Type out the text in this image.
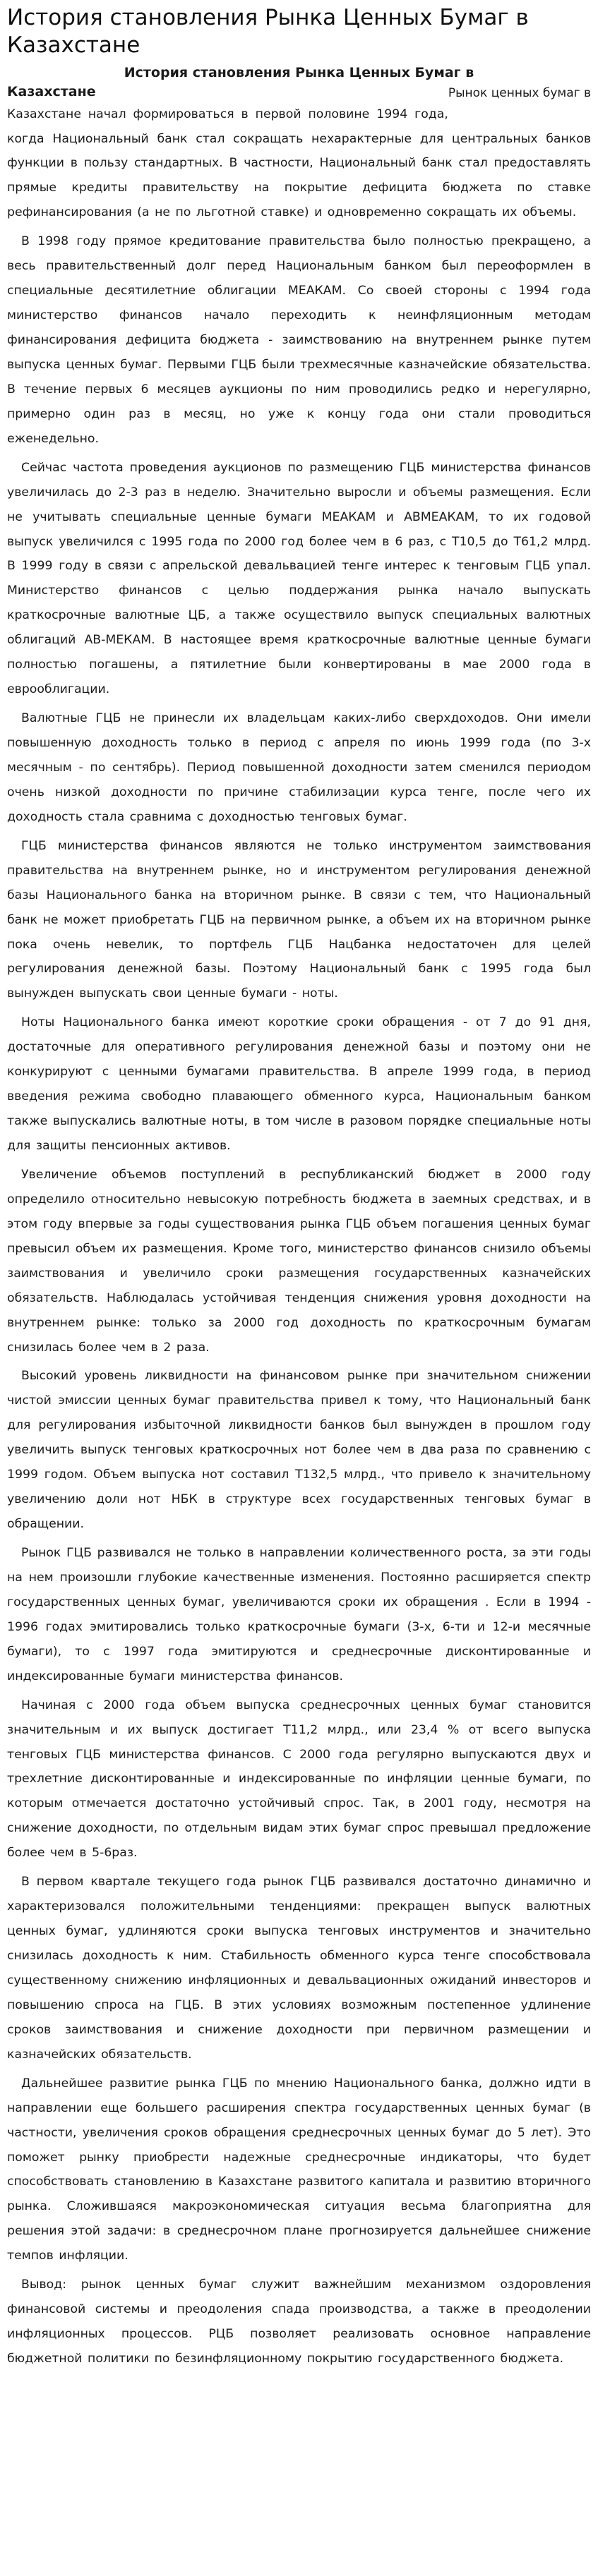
История становления Рынка Ценных Бумаг в Казахстане
История становления Рынка Ценных Бумаг в
Рынок ценных бумаг в
Казахстане

Казахстане начал формироваться в первой половине 1994 года, когда Национальный банк стал сокращать нехарактерные для центральных банков функции в пользу стандартных. В частности, Национальный банк стал предоставлять прямые кредиты правительству на покрытие дефицита бюджета по ставке рефинансирования (а не по льготной ставке) и одновременно сокращать их объемы.

В 1998 году прямое кредитование правительства было полностью прекращено, а весь правительственный долг перед Национальным банком был переоформлен в специальные десятилетние облигации МЕАКАМ. Со своей стороны с 1994 года министерство финансов начало переходить к неинфляционным методам финансирования дефицита бюджета - заимствованию на внутреннем рынке путем выпуска ценных бумаг. Первыми ГЦБ были трехмесячные казначейские обязательства. В течение первых 6 месяцев аукционы по ним проводились редко и нерегулярно, примерно один раз в месяц, но уже к концу года они стали проводиться еженедельно.

Сейчас частота проведения аукционов по размещению ГЦБ министерства финансов увеличилась до 2-3 раз в неделю. Значительно выросли и объемы размещения. Если не учитывать специальные ценные бумаги МЕАКАМ и АВМЕАКАМ, то их годовой выпуск увеличился с 1995 года по 2000 год более чем в 6 раз, с Т10,5 до Т61,2 млрд. В 1999 году в связи с апрельской девальвацией тенге интерес к тенговым ГЦБ упал. Министерство финансов с целью поддержания рынка начало выпускать краткосрочные валютные ЦБ, а также осуществило выпуск специальных валютных облигаций АВ-МЕКАМ. В настоящее время краткосрочные валютные ценные бумаги полностью погашены, а пятилетние были конвертированы в мае 2000 года в еврооблигации.

Валютные ГЦБ не принесли их владельцам каких-либо сверхдоходов. Они имели повышенную доходность только в период с апреля по июнь 1999 года (по 3-х месячным - по сентябрь). Период повышенной доходности затем сменился периодом очень низкой доходности по причине стабилизации курса тенге, после чего их доходность стала сравнима с доходностью тенговых бумаг.

ГЦБ министерства финансов являются не только инструментом заимствования правительства на внутреннем рынке, но и инструментом регулирования денежной базы Национального банка на вторичном рынке. В связи с тем, что Национальный банк не может приобретать ГЦБ на первичном рынке, а объем их на вторичном рынке пока очень невелик, то портфель ГЦБ Нацбанка недостаточен для целей регулирования денежной базы. Поэтому Национальный банк с 1995 года был вынужден выпускать свои ценные бумаги - ноты.

Ноты Национального банка имеют короткие сроки обращения - от 7 до 91 дня, достаточные для оперативного регулирования денежной базы и поэтому они не конкурируют с ценными бумагами правительства. В апреле 1999 года, в период введения режима свободно плавающего обменного курса, Национальным банком также выпускались валютные ноты, в том числе в разовом порядке специальные ноты для защиты пенсионных активов.

Увеличение объемов поступлений в республиканский бюджет в 2000 году определило относительно невысокую потребность бюджета в заемных средствах, и в этом году впервые за годы существования рынка ГЦБ объем погашения ценных бумаг превысил объем их размещения. Кроме того, министерство финансов снизило объемы заимствования и увеличило сроки размещения государственных казначейских обязательств. Наблюдалась устойчивая тенденция снижения уровня доходности на внутреннем рынке: только за 2000 год доходность по краткосрочным бумагам снизилась более чем в 2 раза.

Высокий уровень ликвидности на финансовом рынке при значительном снижении чистой эмиссии ценных бумаг правительства привел к тому, что Национальный банк для регулирования избыточной ликвидности банков был вынужден в прошлом году увеличить выпуск тенговых краткосрочных нот более чем в два раза по сравнению с 1999 годом. Объем выпуска нот составил Т132,5 млрд., что привело к значительному увеличению доли нот НБК в структуре всех государственных тенговых бумаг в обращении.

Рынок ГЦБ развивался не только в направлении количественного роста, за эти годы на нем произошли глубокие качественные изменения. Постоянно расширяется спектр государственных ценных бумаг, увеличиваются сроки их обращения . Если в 1994 - 1996 годах эмитировались только краткосрочные бумаги (3-х, 6-ти и 12-и месячные бумаги), то с 1997 года эмитируются и среднесрочные дисконтированные и индексированные бумаги министерства финансов.

Начиная с 2000 года объем выпуска среднесрочных ценных бумаг становится значительным и их выпуск достигает Т11,2 млрд., или 23,4 % от всего выпуска тенговых ГЦБ министерства финансов. С 2000 года регулярно выпускаются двух и трехлетние дисконтированные и индексированные по инфляции ценные бумаги, по которым отмечается достаточно устойчивый спрос. Так, в 2001 году, несмотря на снижение доходности, по отдельным видам этих бумаг спрос превышал предложение более чем в 5-6раз.

В первом квартале текущего года рынок ГЦБ развивался достаточно динамично и характеризовался положительными тенденциями: прекращен выпуск валютных ценных бумаг, удлиняются сроки выпуска тенговых инструментов и значительно снизилась доходность к ним. Стабильность обменного курса тенге способствовала существенному снижению инфляционных и девальвационных ожиданий инвесторов и повышению спроса на ГЦБ. В этих условиях возможным постепенное удлинение сроков заимствования и снижение доходности при первичном размещении и казначейских обязательств.

Дальнейшее развитие рынка ГЦБ по мнению Национального банка, должно идти в направлении еще большего расширения спектра государственных ценных бумаг (в частности, увеличения сроков обращения среднесрочных ценных бумаг до 5 лет). Это поможет рынку приобрести надежные среднесрочные индикаторы, что будет способствовать становлению в Казахстане развитого капитала и развитию вторичного рынка. Сложившаяся макроэкономическая ситуация весьма благоприятна для решения этой задачи: в среднесрочном плане прогнозируется дальнейшее снижение темпов инфляции.

Вывод: рынок ценных бумаг служит важнейшим механизмом оздоровления финансовой системы и преодоления спада производства, а также в преодолении инфляционных процессов. РЦБ позволяет реализовать основное направление бюджетной политики по безинфляционному покрытию государственного бюджета.
